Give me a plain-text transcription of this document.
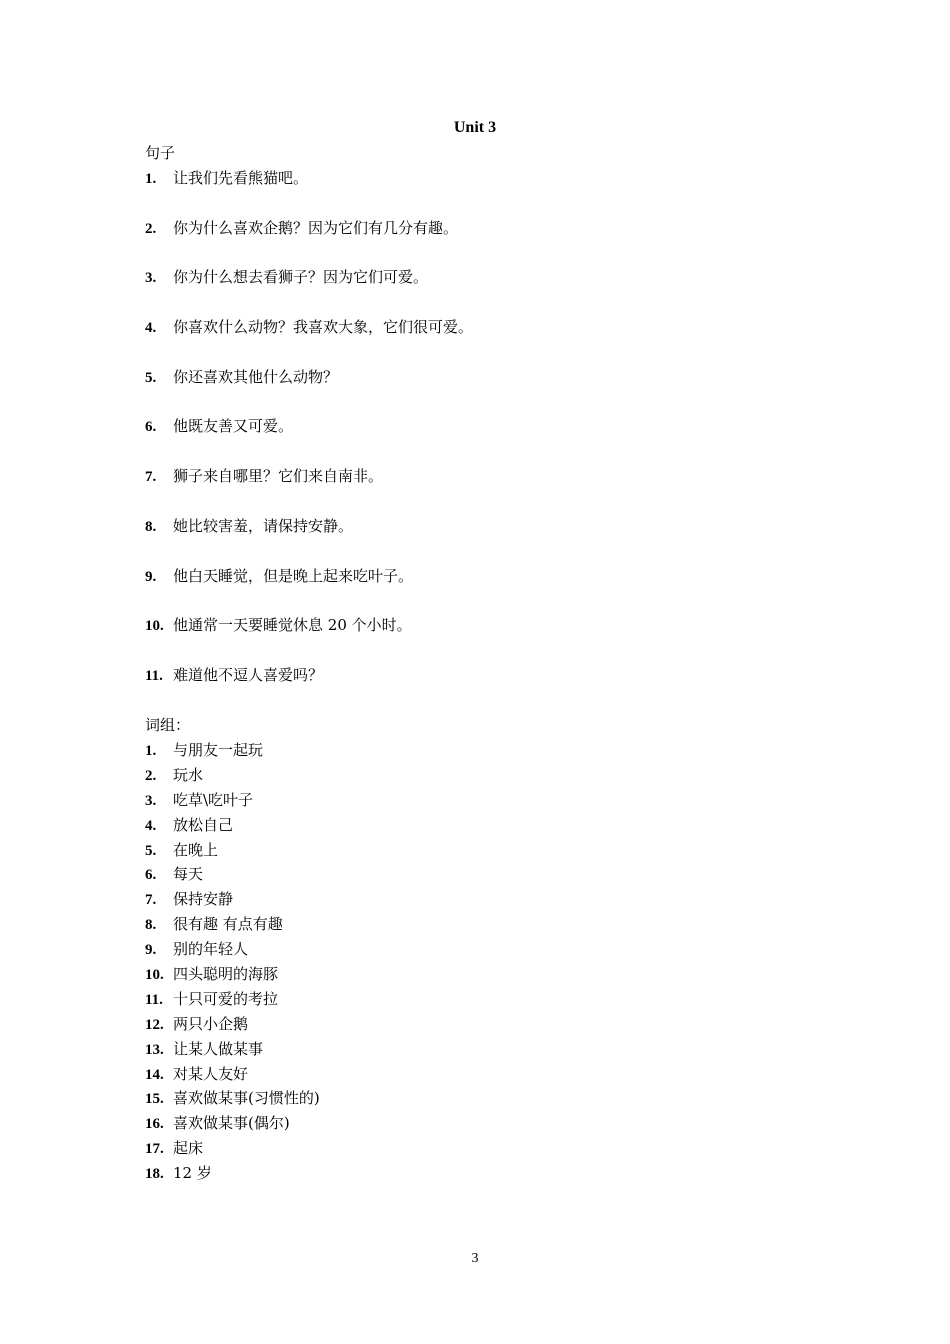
Unit 3
句子
1. 让我们先看熊猫吧。
2. 你为什么喜欢企鹅？因为它们有几分有趣。
3. 你为什么想去看狮子？因为它们可爱。
4. 你喜欢什么动物？我喜欢大象，它们很可爱。
5. 你还喜欢其他什么动物？
6. 他既友善又可爱。
7. 狮子来自哪里？它们来自南非。
8. 她比较害羞，请保持安静。
9. 他白天睡觉，但是晚上起来吃叶子。
10. 他通常一天要睡觉休息 20 个小时。
11. 难道他不逗人喜爱吗？
词组：
1. 与朋友一起玩
2. 玩水
3. 吃草\吃叶子
4. 放松自己
5. 在晚上
6. 每天
7. 保持安静
8. 很有趣 有点有趣
9. 别的年轻人
10. 四头聪明的海豚
11. 十只可爱的考拉
12. 两只小企鹅
13. 让某人做某事
14. 对某人友好
15. 喜欢做某事(习惯性的)
16. 喜欢做某事(偶尔)
17. 起床
18. 12 岁
3
